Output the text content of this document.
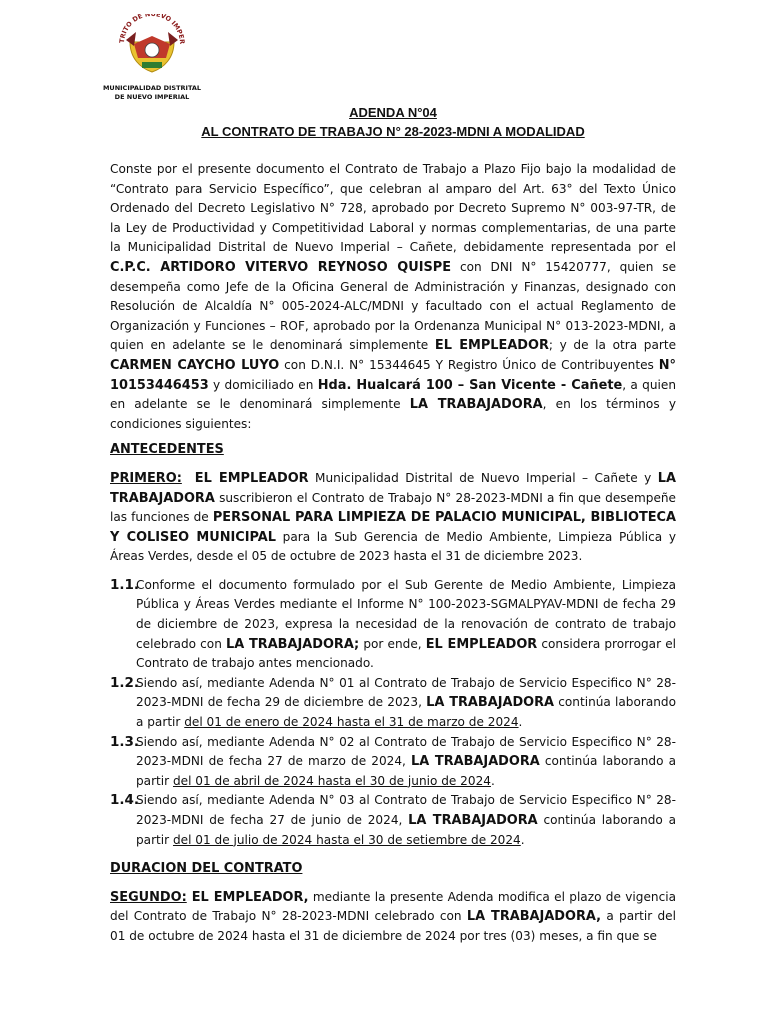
TRITO DE NUEVO IMPER
MUNICIPALIDAD DISTRITAL
DE NUEVO IMPERIAL
ADENDA N°04
AL CONTRATO DE TRABAJO N° 28-2023-MDNI A MODALIDAD

Conste por el presente documento el Contrato de Trabajo a Plazo Fijo bajo la modalidad de “Contrato para Servicio Específico”, que celebran al amparo del Art. 63° del Texto Único Ordenado del Decreto Legislativo N° 728, aprobado por Decreto Supremo N° 003-97-TR, de la Ley de Productividad y Competitividad Laboral y normas complementarias, de una parte la Municipalidad Distrital de Nuevo Imperial – Cañete, debidamente representada por el C.P.C. ARTIDORO VITERVO REYNOSO QUISPE con DNI N° 15420777, quien se desempeña como Jefe de la Oficina General de Administración y Finanzas, designado con Resolución de Alcaldía N° 005-2024-ALC/MDNI y facultado con el actual Reglamento de Organización y Funciones – ROF, aprobado por la Ordenanza Municipal N° 013-2023-MDNI, a quien en adelante se le denominará simplemente EL EMPLEADOR; y de la otra parte CARMEN CAYCHO LUYO con D.N.I. N° 15344645 Y Registro Único de Contribuyentes N° 10153446453 y domiciliado en Hda. Hualcará 100 – San Vicente - Cañete, a quien en adelante se le denominará simplemente LA TRABAJADORA, en los términos y condiciones siguientes:

ANTECEDENTES

PRIMERO: EL EMPLEADOR Municipalidad Distrital de Nuevo Imperial – Cañete y LA TRABAJADORA suscribieron el Contrato de Trabajo N° 28-2023-MDNI a fin que desempeñe las funciones de PERSONAL PARA LIMPIEZA DE PALACIO MUNICIPAL, BIBLIOTECA Y COLISEO MUNICIPAL para la Sub Gerencia de Medio Ambiente, Limpieza Pública y Áreas Verdes, desde el 05 de octubre de 2023 hasta el 31 de diciembre 2023.

1.1.
Conforme el documento formulado por el Sub Gerente de Medio Ambiente, Limpieza Pública y Áreas Verdes mediante el Informe N° 100-2023-SGMALPYAV-MDNI de fecha 29 de diciembre de 2023, expresa la necesidad de la renovación de contrato de trabajo celebrado con LA TRABAJADORA; por ende, EL EMPLEADOR considera prorrogar el Contrato de trabajo antes mencionado.
1.2.
Siendo así, mediante Adenda N° 01 al Contrato de Trabajo de Servicio Especifico N° 28-2023-MDNI de fecha 29 de diciembre de 2023, LA TRABAJADORA continúa laborando a partir del 01 de enero de 2024 hasta el 31 de marzo de 2024.
1.3.
Siendo así, mediante Adenda N° 02 al Contrato de Trabajo de Servicio Especifico N° 28-2023-MDNI de fecha 27 de marzo de 2024, LA TRABAJADORA continúa laborando a partir del 01 de abril de 2024 hasta el 30 de junio de 2024.
1.4.
Siendo así, mediante Adenda N° 03 al Contrato de Trabajo de Servicio Especifico N° 28-2023-MDNI de fecha 27 de junio de 2024, LA TRABAJADORA continúa laborando a partir del 01 de julio de 2024 hasta el 30 de setiembre de 2024.

DURACION DEL CONTRATO

SEGUNDO: EL EMPLEADOR, mediante la presente Adenda modifica el plazo de vigencia del Contrato de Trabajo N° 28-2023-MDNI celebrado con LA TRABAJADORA, a partir del 01 de octubre de 2024 hasta el 31 de diciembre de 2024 por tres (03) meses, a fin que se
